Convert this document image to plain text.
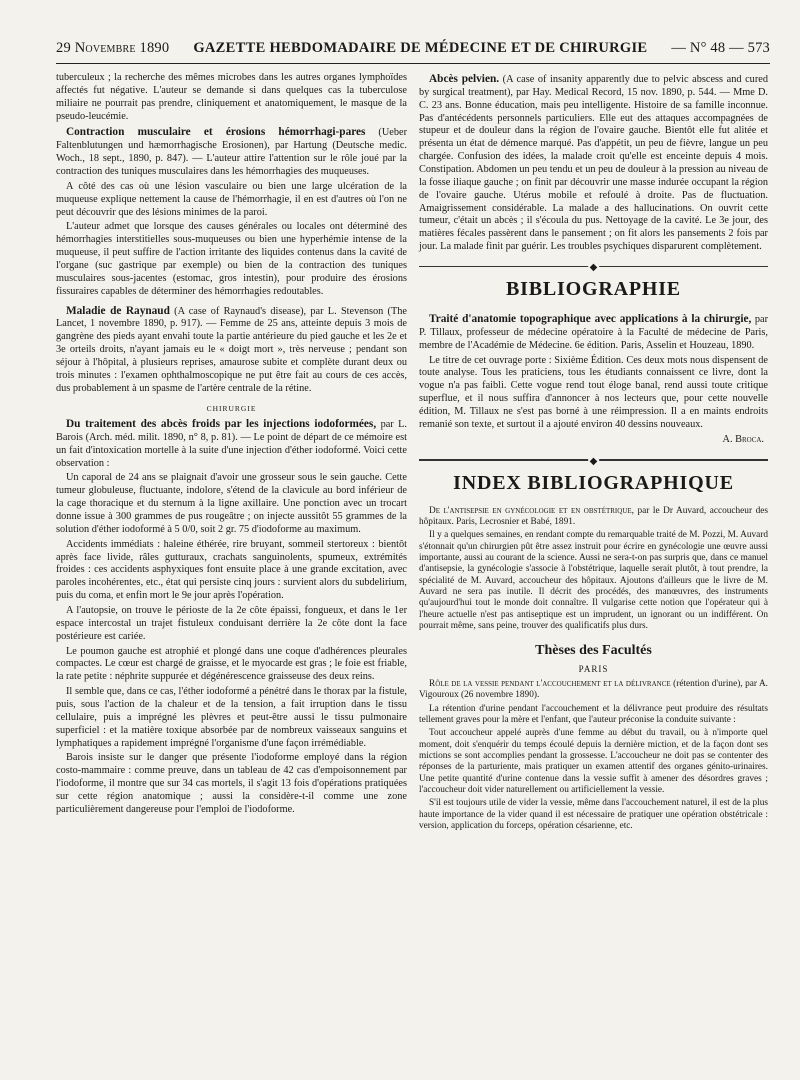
29 Novembre 1890 GAZETTE HEBDOMADAIRE DE MÉDECINE ET DE CHIRURGIE — N° 48 — 573

tuberculeux ; la recherche des mêmes microbes dans les autres organes lymphoïdes affectés fut négative. L'auteur se demande si dans quelques cas la tuberculose miliaire ne pourrait pas prendre, cliniquement et anatomiquement, le masque de la pseudo-leucémie.

Contraction musculaire et érosions hémorrhagi-pares (Ueber Faltenblutungen und hæmorrhagische Erosionen), par Hartung (Deutsche medic. Woch., 18 sept., 1890, p. 847). — L'auteur attire l'attention sur le rôle joué par la contraction des tuniques musculaires dans les hémorrhagies des muqueuses.

A côté des cas où une lésion vasculaire ou bien une large ulcération de la muqueuse explique nettement la cause de l'hémorrhagie, il en est d'autres où l'on ne peut découvrir que des lésions minimes de la paroi.

L'auteur admet que lorsque des causes générales ou locales ont déterminé des hémorrhagies interstitielles sous-muqueuses ou bien une hyperhémie intense de la muqueuse, il peut suffire de l'action irritante des liquides contenus dans la cavité de l'organe (suc gastrique par exemple) ou bien de la contraction des tuniques musculaires sous-jacentes (estomac, gros intestin), pour produire des érosions fissuraires capables de déterminer des hémorrhagies redoutables.

Maladie de Raynaud (A case of Raynaud's disease), par L. Stevenson (The Lancet, 1 novembre 1890, p. 917). — Femme de 25 ans, atteinte depuis 3 mois de gangrène des pieds ayant envahi toute la partie antérieure du pied gauche et les 2e et 3e orteils droits, n'ayant jamais eu le « doigt mort », très nerveuse ; pendant son séjour à l'hôpital, à plusieurs reprises, amaurose subite et complète durant deux ou trois minutes : l'examen ophthalmoscopique ne put être fait au cours de ces accès, dus probablement à un spasme de l'artère centrale de la rétine.

CHIRURGIE

Du traitement des abcès froids par les injections iodoformées, par L. Barois (Arch. méd. milit. 1890, n° 8, p. 81). — Le point de départ de ce mémoire est un fait d'intoxication mortelle à la suite d'une injection d'éther iodoformé. Voici cette observation :

Un caporal de 24 ans se plaignait d'avoir une grosseur sous le sein gauche. Cette tumeur globuleuse, fluctuante, indolore, s'étend de la clavicule au bord inférieur de la cage thoracique et du sternum à la ligne axillaire. Une ponction avec un trocart donne issue à 300 grammes de pus rougeâtre ; on injecte aussitôt 55 grammes de la solution d'éther iodoformé à 5 0/0, soit 2 gr. 75 d'iodoforme au maximum.

Accidents immédiats : haleine éthérée, rire bruyant, sommeil stertoreux : bientôt après face livide, râles gutturaux, crachats sanguinolents, spumeux, extrémités froides : ces accidents asphyxiques font ensuite place à une grande excitation, avec paroles incohérentes, etc., état qui persiste cinq jours : survient alors du subdelirium, puis du coma, et enfin mort le 9e jour après l'opération.

A l'autopsie, on trouve le périoste de la 2e côte épaissi, fongueux, et dans le 1er espace intercostal un trajet fistuleux conduisant derrière la 2e côte dont la face postérieure est cariée.

Le poumon gauche est atrophié et plongé dans une coque d'adhérences pleurales compactes. Le cœur est chargé de graisse, et le myocarde est gras ; le foie est friable, la rate petite : néphrite suppurée et dégénérescence graisseuse des deux reins.

Il semble que, dans ce cas, l'éther iodoformé a pénétré dans le thorax par la fistule, puis, sous l'action de la chaleur et de la tension, a fait irruption dans le tissu cellulaire, puis a imprégné les plèvres et peut-être aussi le tissu pulmonaire superficiel : et la matière toxique absorbée par de nombreux vaisseaux sanguins et lymphatiques a rapidement imprégné l'organisme d'une façon irrémédiable.

Barois insiste sur le danger que présente l'iodoforme employé dans la région costo-mammaire : comme preuve, dans un tableau de 42 cas d'empoisonnement par l'iodoforme, il montre que sur 34 cas mortels, il s'agit 13 fois d'opérations pratiquées sur cette région anatomique ; aussi la considère-t-il comme une zone particulièrement dangereuse pour l'emploi de l'iodoforme.

Abcès pelvien. (A case of insanity apparently due to pelvic abscess and cured by surgical treatment), par Hay. Medical Record, 15 nov. 1890, p. 544. — Mme D. C. 23 ans. Bonne éducation, mais peu intelligente. Histoire de sa famille inconnue. Pas d'antécédents personnels particuliers. Elle eut des attaques accompagnées de stupeur et de douleur dans la région de l'ovaire gauche. Bientôt elle fut alitée et présenta un état de démence marqué. Pas d'appétit, un peu de fièvre, langue un peu chargée. Confusion des idées, la malade croit qu'elle est enceinte depuis 4 mois. Constipation. Abdomen un peu tendu et un peu de douleur à la pression au niveau de la fosse iliaque gauche ; on finit par découvrir une masse indurée occupant la région de l'ovaire gauche. Utérus mobile et refoulé à droite. Pas de fluctuation. Amaigrissement considérable. La malade a des hallucinations. On ouvrit cette tumeur, c'était un abcès ; il s'écoula du pus. Nettoyage de la cavité. Le 3e jour, des matières fécales passèrent dans le pansement ; on fit alors les pansements 2 fois par jour. La malade finit par guérir. Les troubles psychiques disparurent complètement.

◆
BIBLIOGRAPHIE

Traité d'anatomie topographique avec applications à la chirurgie, par P. Tillaux, professeur de médecine opératoire à la Faculté de médecine de Paris, membre de l'Académie de Médecine. 6e édition. Paris, Asselin et Houzeau, 1890.

Le titre de cet ouvrage porte : Sixième Édition. Ces deux mots nous dispensent de toute analyse. Tous les praticiens, tous les étudiants connaissent ce livre, dont la vogue n'a pas faibli. Cette vogue rend tout éloge banal, rend aussi toute critique superflue, et il nous suffira d'annoncer à nos lecteurs que, pour cette nouvelle édition, M. Tillaux ne s'est pas borné à une réimpression. Il a en maints endroits remanié son texte, et surtout il a ajouté environ 40 dessins nouveaux.

A. Broca.
◆
INDEX BIBLIOGRAPHIQUE

De l'antisepsie en gynécologie et en obstétrique, par le Dr Auvard, accoucheur des hôpitaux. Paris, Lecrosnier et Babé, 1891.

Il y a quelques semaines, en rendant compte du remarquable traité de M. Pozzi, M. Auvard s'étonnait qu'un chirurgien pût être assez instruit pour écrire en gynécologie une œuvre aussi importante, aussi au courant de la science. Aussi ne sera-t-on pas surpris que, dans ce manuel d'antisepsie, la gynécologie s'associe à l'obstétrique, laquelle serait plutôt, à tout prendre, la spécialité de M. Auvard, accoucheur des hôpitaux. Ajoutons d'ailleurs que le livre de M. Auvard ne sera pas inutile. Il décrit des procédés, des manœuvres, des instruments qu'aujourd'hui tout le monde doit connaître. Il vulgarise cette notion que l'opérateur qui à l'heure actuelle n'est pas antiseptique est un imprudent, un ignorant ou un indifférent. On pourrait même, sans peine, trouver des qualificatifs plus durs.

Thèses des Facultés
PARIS

Rôle de la vessie pendant l'accouchement et la délivrance (rétention d'urine), par A. Vigouroux (26 novembre 1890).

La rétention d'urine pendant l'accouchement et la délivrance peut produire des résultats tellement graves pour la mère et l'enfant, que l'auteur préconise la conduite suivante :

Tout accoucheur appelé auprès d'une femme au début du travail, ou à n'importe quel moment, doit s'enquérir du temps écoulé depuis la dernière miction, et de la façon dont ses mictions se sont accomplies pendant la grossesse. L'accoucheur ne doit pas se contenter des réponses de la parturiente, mais pratiquer un examen attentif des organes génito-urinaires. Une petite quantité d'urine contenue dans la vessie suffit à amener des désordres graves ; l'accoucheur doit vider naturellement ou artificiellement la vessie.

S'il est toujours utile de vider la vessie, même dans l'accouchement naturel, il est de la plus haute importance de la vider quand il est nécessaire de pratiquer une opération obstétricale : version, application du forceps, opération césarienne, etc.
